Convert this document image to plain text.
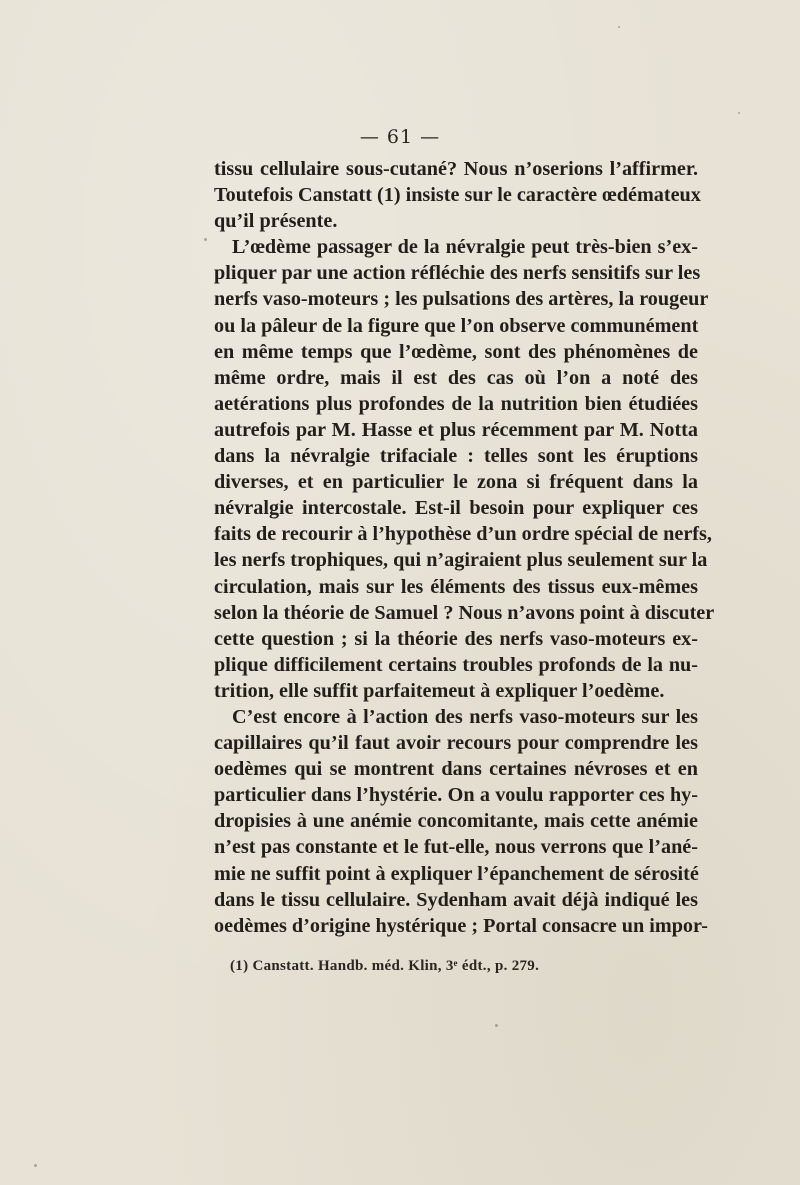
— 61 —
tissu cellulaire sous-cutané? Nous n’oserions l’affirmer.
Toutefois Canstatt (1) insiste sur le caractère œdémateux
qu’il présente.
L’œdème passager de la névralgie peut très-bien s’ex-
pliquer par une action réfléchie des nerfs sensitifs sur les
nerfs vaso-moteurs ; les pulsations des artères, la rougeur
ou la pâleur de la figure que l’on observe communément
en même temps que l’œdème, sont des phénomènes de
même ordre, mais il est des cas où l’on a noté des
aetérations plus profondes de la nutrition bien étudiées
autrefois par M. Hasse et plus récemment par M. Notta
dans la névralgie trifaciale : telles sont les éruptions
diverses, et en particulier le zona si fréquent dans la
névralgie intercostale. Est-il besoin pour expliquer ces
faits de recourir à l’hypothèse d’un ordre spécial de nerfs,
les nerfs trophiques, qui n’agiraient plus seulement sur la
circulation, mais sur les éléments des tissus eux-mêmes
selon la théorie de Samuel ? Nous n’avons point à discuter
cette question ; si la théorie des nerfs vaso-moteurs ex-
plique difficilement certains troubles profonds de la nu-
trition, elle suffit parfaitemeut à expliquer l’oedème.
C’est encore à l’action des nerfs vaso-moteurs sur les
capillaires qu’il faut avoir recours pour comprendre les
oedèmes qui se montrent dans certaines névroses et en
particulier dans l’hystérie. On a voulu rapporter ces hy-
dropisies à une anémie concomitante, mais cette anémie
n’est pas constante et le fut-elle, nous verrons que l’ané-
mie ne suffit point à expliquer l’épanchement de sérosité
dans le tissu cellulaire. Sydenham avait déjà indiqué les
oedèmes d’origine hystérique ; Portal consacre un impor-
(1) Canstatt. Handb. méd. Klin, 3ᵉ édt., p. 279.
